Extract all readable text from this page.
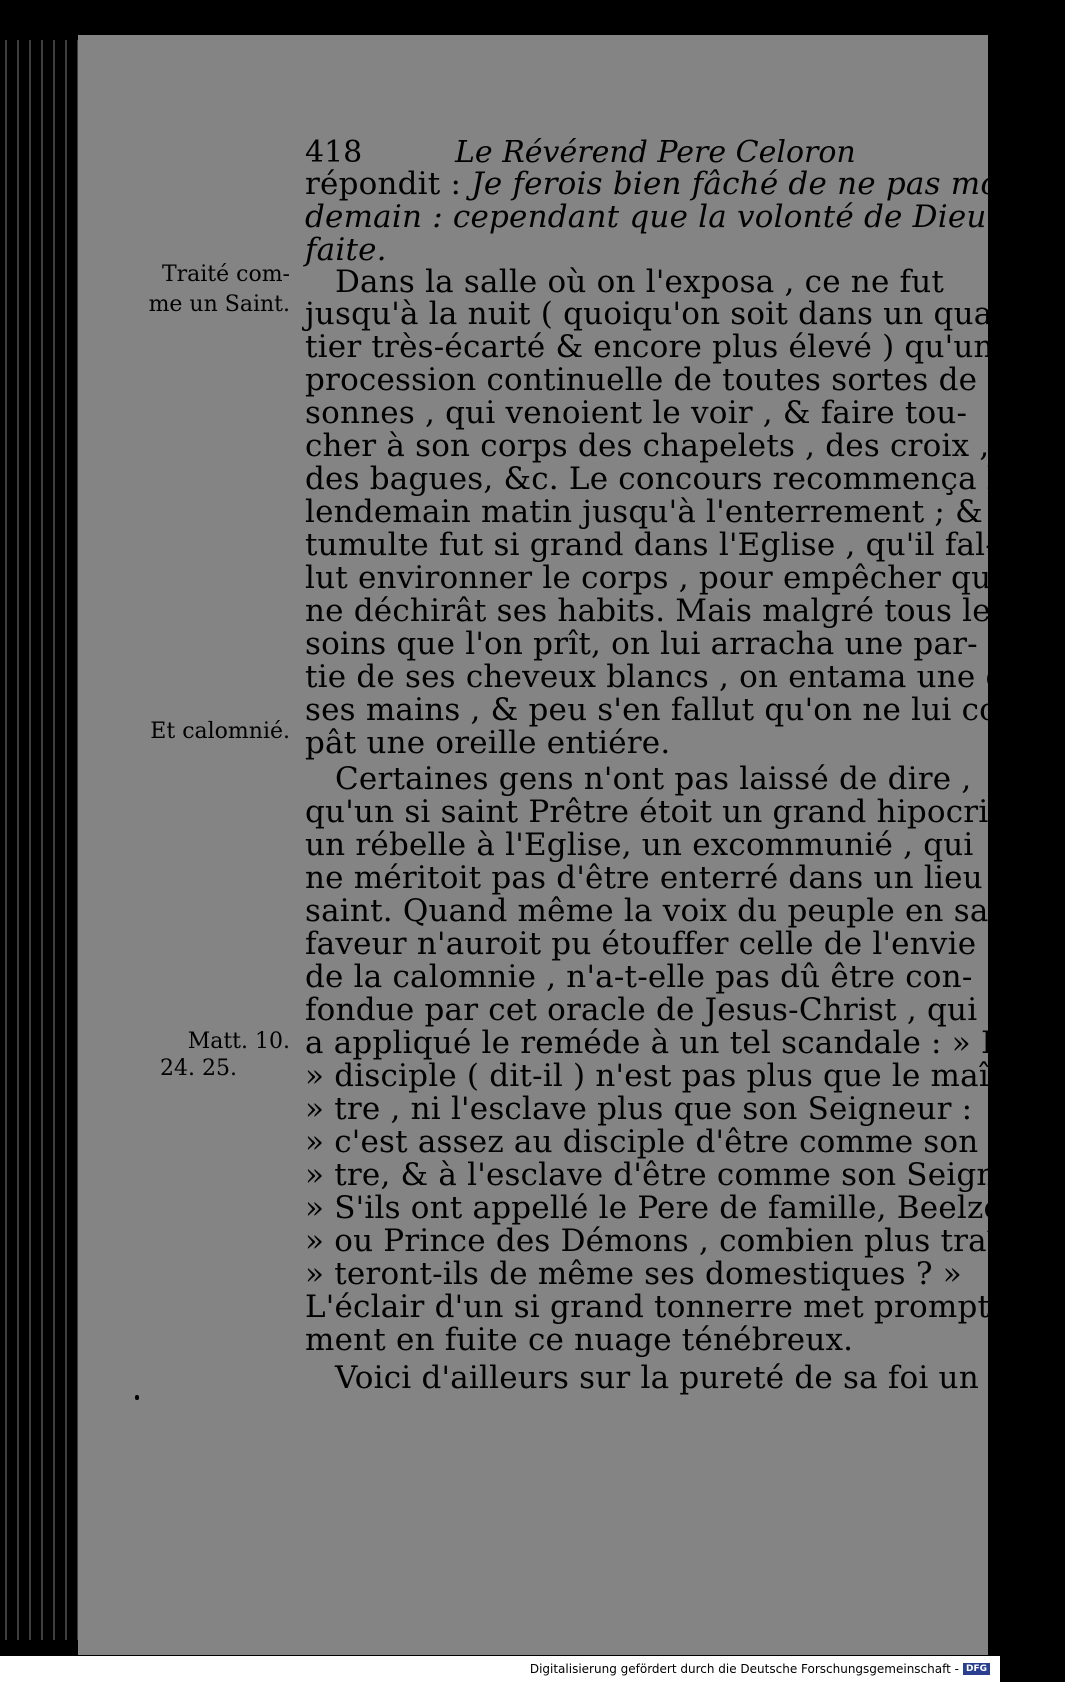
418	Le Révérend Pere Celoron
Traité com-
me un Saint.
Et calomnié.
Matt. 10.
24. 25.
répondit : Je ferois bien fâché de ne pas mourir
demain : cependant que la volonté de Dieu soit
faite.
Dans la salle où on l'exposa , ce ne fut
jusqu'à la nuit ( quoiqu'on soit dans un quar-
tier très-écarté & encore plus élevé ) qu'une
procession continuelle de toutes sortes de per-
sonnes , qui venoient le voir , & faire tou-
cher à son corps des chapelets , des croix ,
des bagues, &c. Le concours recommença le
lendemain matin jusqu'à l'enterrement ; & le
tumulte fut si grand dans l'Eglise , qu'il fal-
lut environner le corps , pour empêcher qu'on
ne déchirât ses habits. Mais malgré tous les
soins que l'on prît, on lui arracha une par-
tie de ses cheveux blancs , on entama une de
ses mains , & peu s'en fallut qu'on ne lui cou-
pât une oreille entiére.
Certaines gens n'ont pas laissé de dire ,
qu'un si saint Prêtre étoit un grand hipocrite,
un rébelle à l'Eglise, un excommunié , qui
ne méritoit pas d'être enterré dans un lieu
saint. Quand même la voix du peuple en sa
faveur n'auroit pu étouffer celle de l'envie &
de la calomnie , n'a-t-elle pas dû être con-
fondue par cet oracle de Jesus-Christ , qui
a appliqué le reméde à un tel scandale : » Le
» disciple ( dit-il ) n'est pas plus que le maî-
» tre , ni l'esclave plus que son Seigneur :
» c'est assez au disciple d'être comme son maî-
» tre, & à l'esclave d'être comme son Seigneur.
» S'ils ont appellé le Pere de famille, Beelzebut,
» ou Prince des Démons , combien plus traî-
» teront-ils de même ses domestiques ? »
L'éclair d'un si grand tonnerre met prompte-
ment en fuite ce nuage ténébreux.
Voici d'ailleurs sur la pureté de sa foi un
Digitalisierung gefördert durch die Deutsche Forschungsgemeinschaft - DFG
